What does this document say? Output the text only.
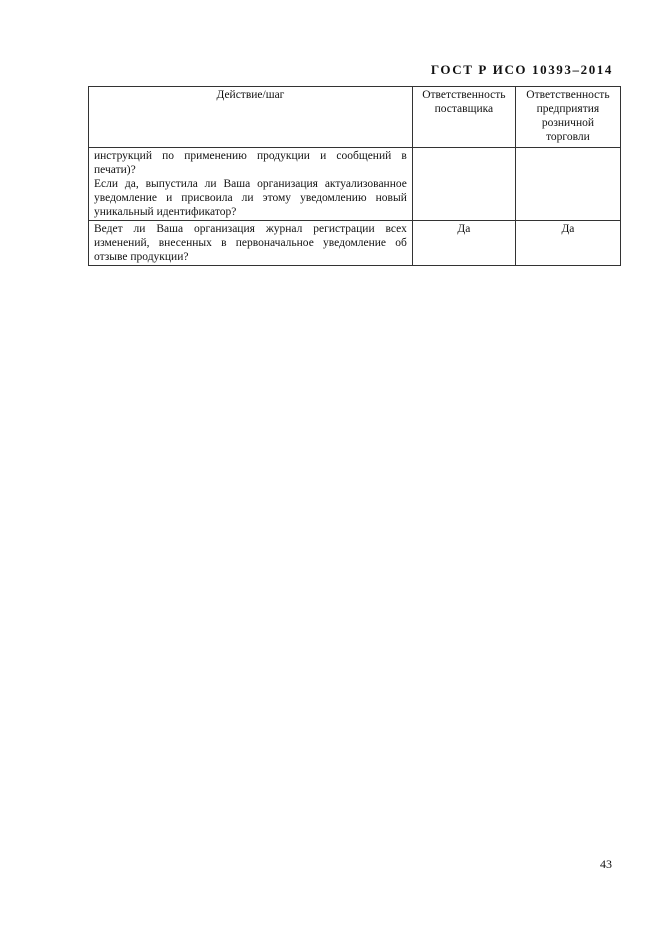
ГОСТ Р ИСО 10393–2014
Действие/шаг	Ответственность поставщика	Ответственность предприятия розничной торговли

инструкций по применению продукции и сообщений в печати)?
Если да, выпустила ли Ваша организация актуализованное уведомление и присвоила ли этому уведомлению новый уникальный идентификатор?		

Ведет ли Ваша организация журнал регистрации всех изменений, внесенных в первоначальное уведомление об отзыве продукции?	Да	Да
43
